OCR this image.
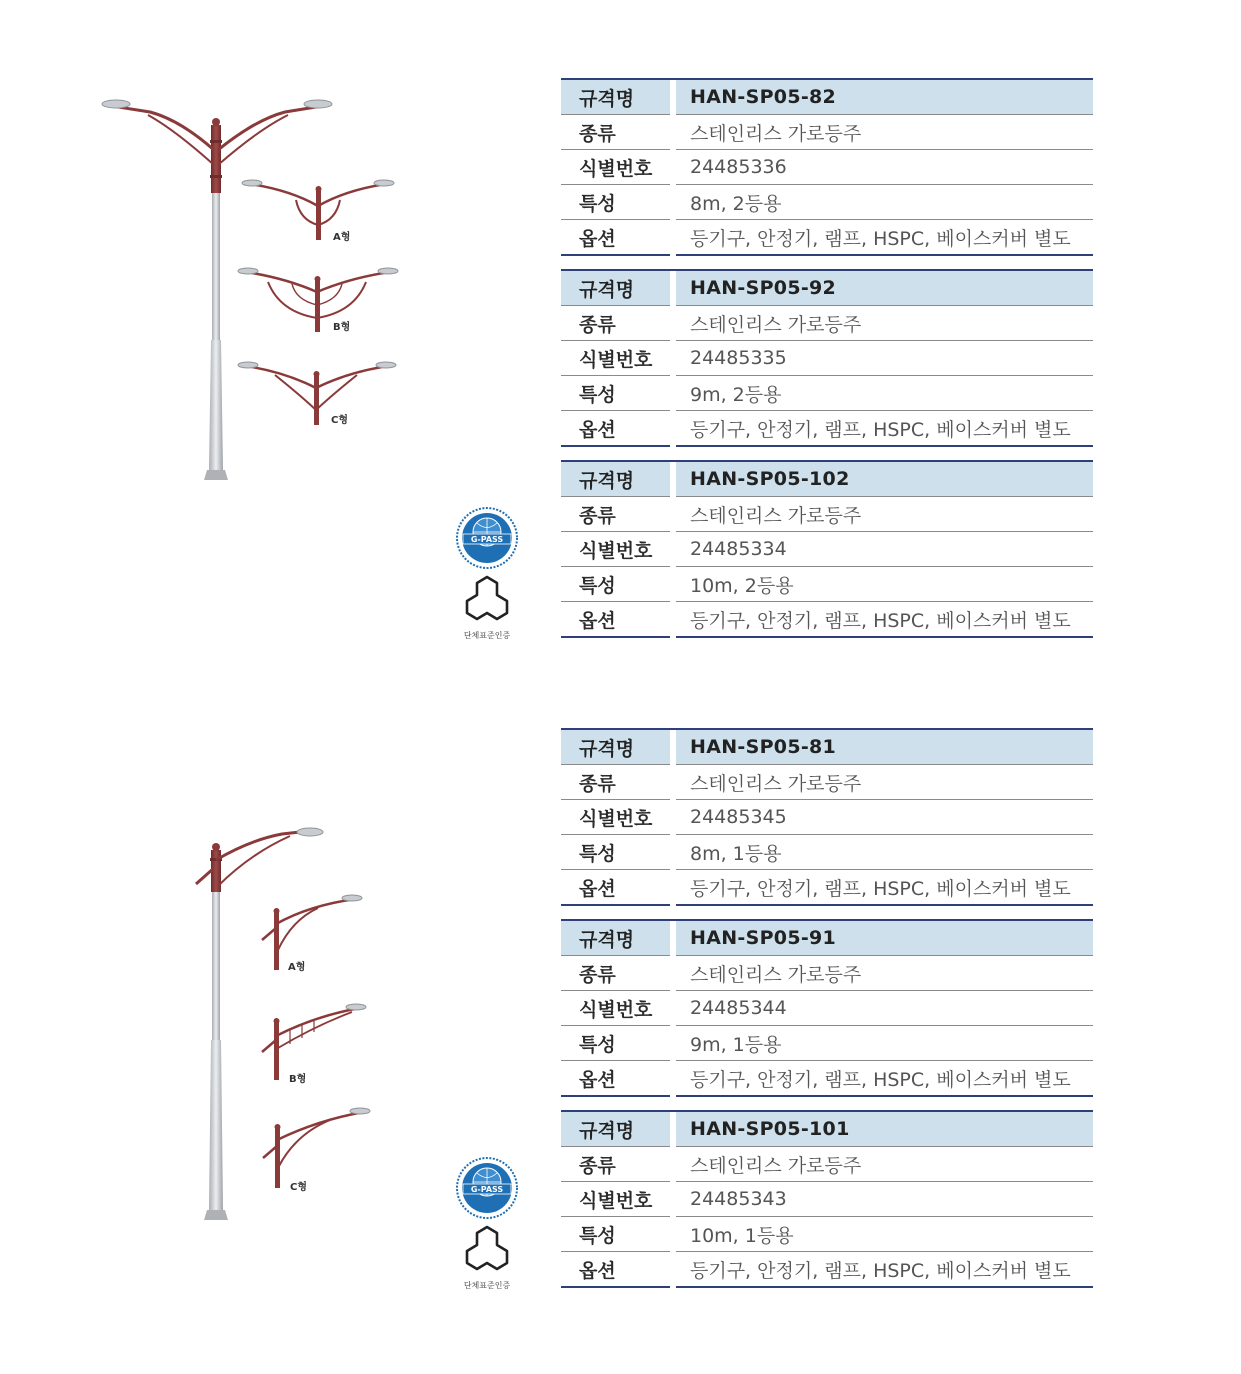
A형
B형
C형
G-PASS
단체표준인증
규격명		HAN-SP05-82
종류		스테인리스 가로등주
식별번호		24485336
특성		8m, 2등용
옵션		등기구, 안정기, 램프, HSPC, 베이스커버 별도
규격명		HAN-SP05-92
종류		스테인리스 가로등주
식별번호		24485335
특성		9m, 2등용
옵션		등기구, 안정기, 램프, HSPC, 베이스커버 별도
규격명		HAN-SP05-102
종류		스테인리스 가로등주
식별번호		24485334
특성		10m, 2등용
옵션		등기구, 안정기, 램프, HSPC, 베이스커버 별도
A형
B형
C형	G-PASS
단체표준인증
규격명		HAN-SP05-81
종류		스테인리스 가로등주
식별번호		24485345
특성		8m, 1등용
옵션		등기구, 안정기, 램프, HSPC, 베이스커버 별도
규격명		HAN-SP05-91
종류		스테인리스 가로등주
식별번호		24485344
특성		9m, 1등용
옵션		등기구, 안정기, 램프, HSPC, 베이스커버 별도
규격명		HAN-SP05-101
종류		스테인리스 가로등주
식별번호		24485343
특성		10m, 1등용
옵션		등기구, 안정기, 램프, HSPC, 베이스커버 별도
